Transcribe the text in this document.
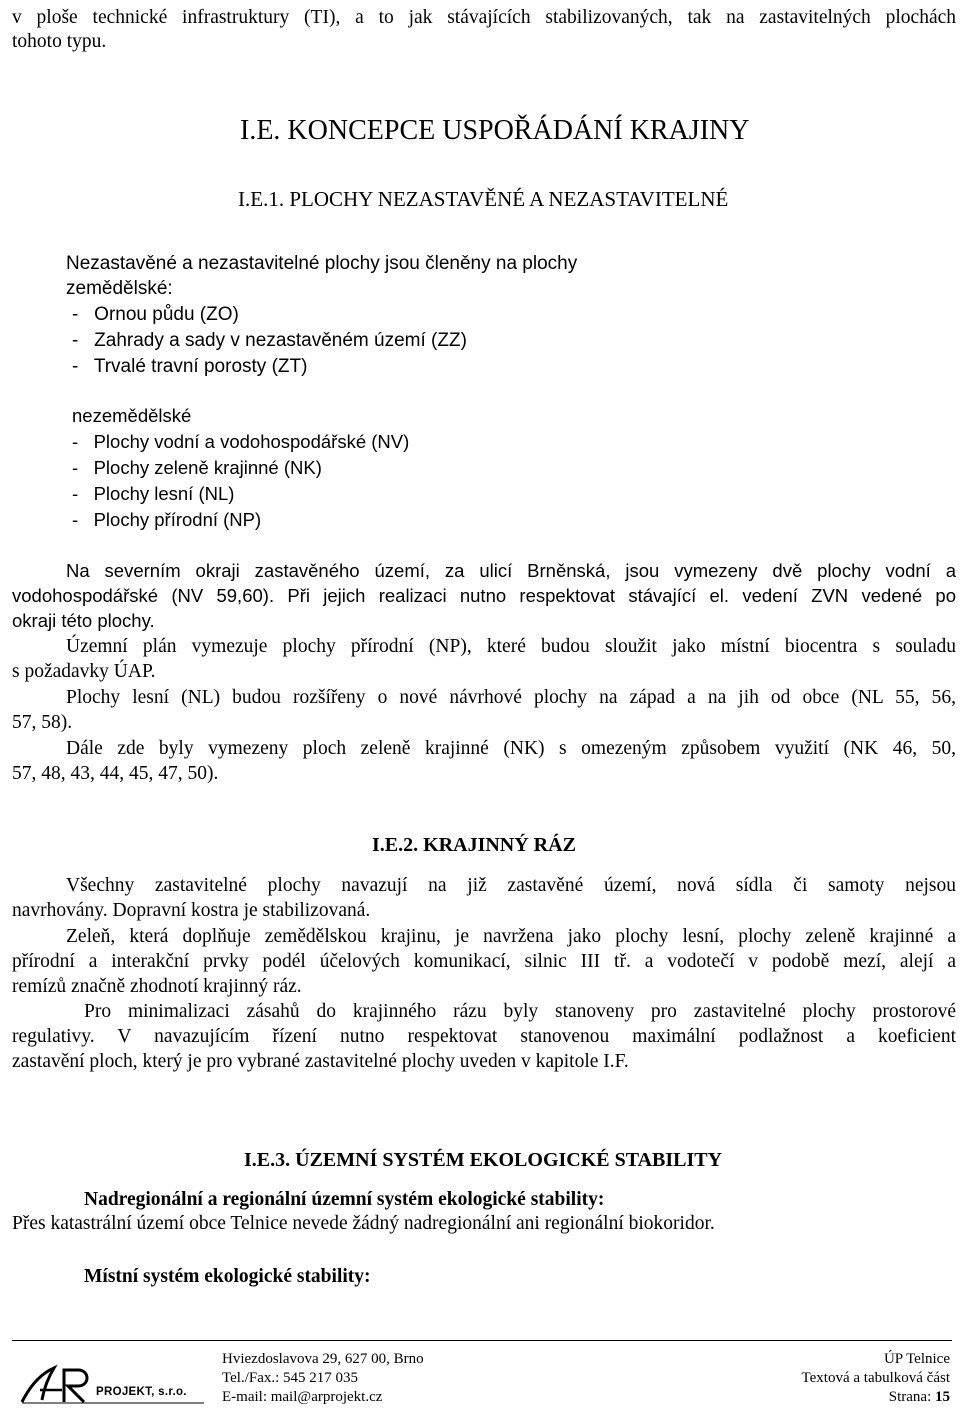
v ploše technické infrastruktury (TI), a to jak stávajících stabilizovaných, tak na zastavitelných plochách
tohoto typu.
I.E. KONCEPCE USPOŘÁDÁNÍ KRAJINY
I.E.1. PLOCHY NEZASTAVĚNÉ A NEZASTAVITELNÉ
Nezastavěné a nezastavitelné plochy jsou členěny na plochy
zemědělské:
-   Ornou půdu (ZO)
-   Zahrady a sady v nezastavěném území (ZZ)
-   Trvalé travní porosty (ZT)
nezemědělské
-   Plochy vodní a vodohospodářské (NV)
-   Plochy zeleně krajinné (NK)
-   Plochy lesní (NL)
-   Plochy přírodní (NP)
Na severním okraji zastavěného území, za ulicí Brněnská, jsou vymezeny dvě plochy vodní a
vodohospodářské (NV 59,60). Při jejich realizaci nutno respektovat stávající el. vedení ZVN vedené po
okraji této plochy.
Územní plán vymezuje plochy přírodní (NP), které budou sloužit jako místní biocentra s souladu
s požadavky ÚAP.
Plochy lesní (NL) budou rozšířeny o nové návrhové plochy na západ a na jih od obce (NL 55, 56,
57, 58).
Dále zde byly vymezeny ploch zeleně krajinné (NK) s omezeným způsobem využití (NK 46, 50,
57, 48, 43, 44, 45, 47, 50).
I.E.2. KRAJINNÝ RÁZ
Všechny zastavitelné plochy navazují na již zastavěné území, nová sídla či samoty nejsou
navrhovány. Dopravní kostra je stabilizovaná.
Zeleň, která doplňuje zemědělskou krajinu, je navržena jako plochy lesní, plochy zeleně krajinné a
přírodní a interakční prvky podél účelových komunikací, silnic III tř. a vodotečí v podobě mezí, alejí a
remízů značně zhodnotí krajinný ráz.
Pro minimalizaci zásahů do krajinného rázu byly stanoveny pro zastavitelné plochy prostorové
regulativy. V navazujícím řízení nutno respektovat stanovenou maximální podlažnost a koeficient
zastavění ploch, který je pro vybrané zastavitelné plochy uveden v kapitole I.F.
I.E.3. ÚZEMNÍ SYSTÉM EKOLOGICKÉ STABILITY
Nadregionální a regionální územní systém ekologické stability:
Přes katastrální území obce Telnice nevede žádný nadregionální ani regionální biokoridor.
Místní systém ekologické stability:
PROJEKT, s.r.o.
Hviezdoslavova 29, 627 00, Brno
Tel./Fax.: 545 217 035
E-mail: mail@arprojekt.cz
ÚP Telnice
Textová a tabulková část
Strana: 15
